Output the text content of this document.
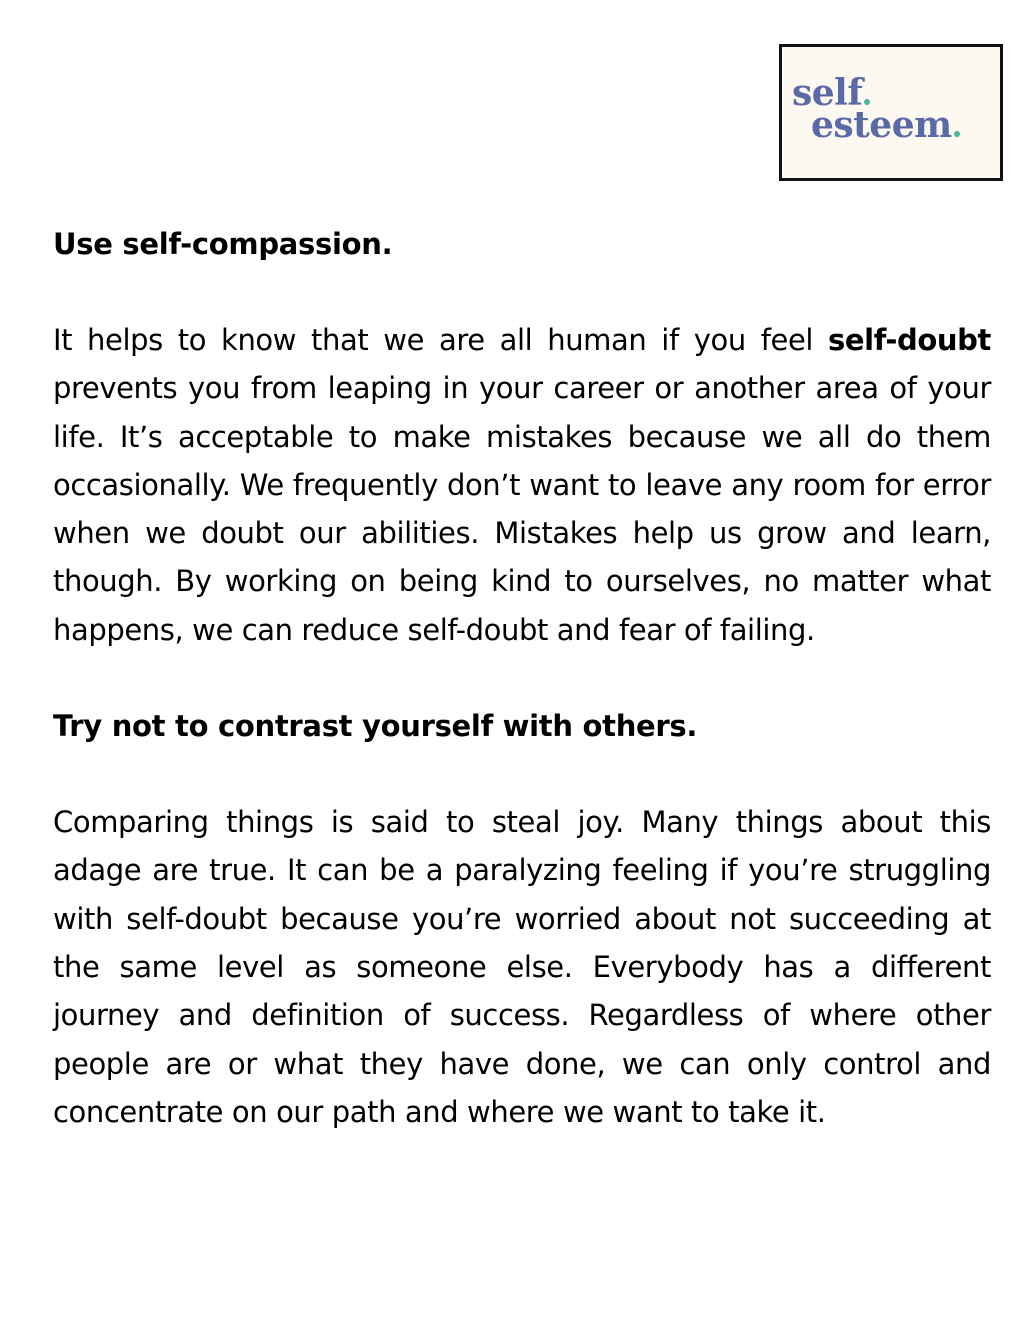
self
esteem

Use self-compassion.

It helps to know that we are all human if you feel self-doubt prevents you from leaping in your career or another area of your life. It’s acceptable to make mistakes because we all do them occasionally. We frequently don’t want to leave any room for error when we doubt our abilities. Mistakes help us grow and learn, though. By working on being kind to ourselves, no matter what happens, we can reduce self-doubt and fear of failing.

Try not to contrast yourself with others.

Comparing things is said to steal joy. Many things about this adage are true. It can be a paralyzing feeling if you’re struggling with self-doubt because you’re worried about not succeeding at the same level as someone else. Everybody has a different journey and definition of success. Regardless of where other people are or what they have done, we can only control and concentrate on our path and where we want to take it.
